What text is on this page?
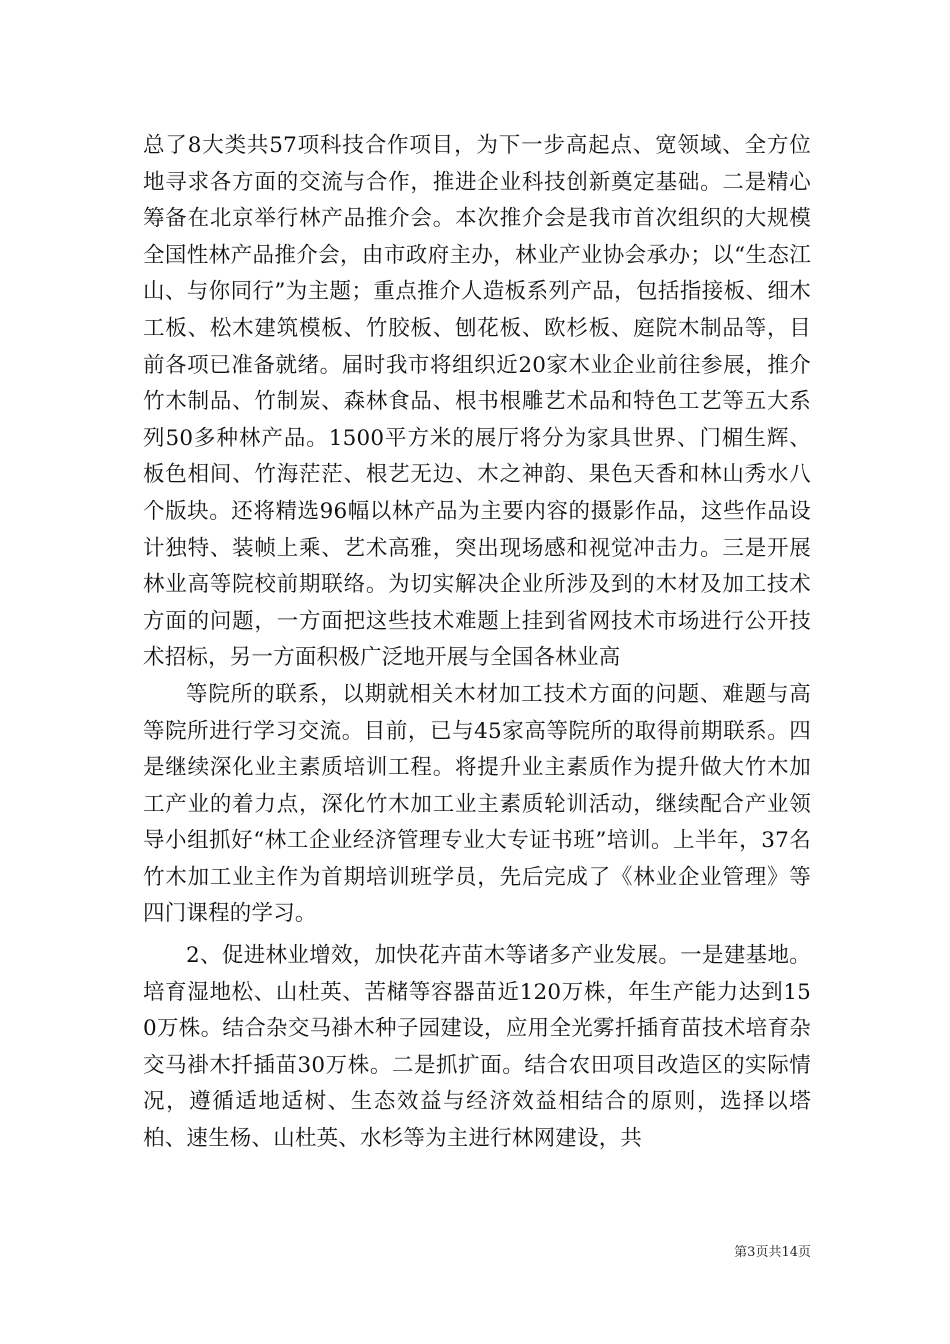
总了8大类共57项科技合作项目，为下一步高起点、宽领域、全方位地寻求各方面的交流与合作，推进企业科技创新奠定基础。二是精心筹备在北京举行林产品推介会。本次推介会是我市首次组织的大规模全国性林产品推介会，由市政府主办，林业产业协会承办；以“生态江山、与你同行”为主题；重点推介人造板系列产品，包括指接板、细木工板、松木建筑模板、竹胶板、刨花板、欧杉板、庭院木制品等，目前各项已准备就绪。届时我市将组织近20家木业企业前往参展，推介竹木制品、竹制炭、森林食品、根书根雕艺术品和特色工艺等五大系列50多种林产品。1500平方米的展厅将分为家具世界、门楣生辉、板色相间、竹海茫茫、根艺无边、木之神韵、果色天香和林山秀水八个版块。还将精选96幅以林产品为主要内容的摄影作品，这些作品设计独特、装帧上乘、艺术高雅，突出现场感和视觉冲击力。三是开展林业高等院校前期联络。为切实解决企业所涉及到的木材及加工技术方面的问题，一方面把这些技术难题上挂到省网技术市场进行公开技术招标，另一方面积极广泛地开展与全国各林业高

等院所的联系，以期就相关木材加工技术方面的问题、难题与高等院所进行学习交流。目前，已与45家高等院所的取得前期联系。四是继续深化业主素质培训工程。将提升业主素质作为提升做大竹木加工产业的着力点，深化竹木加工业主素质轮训活动，继续配合产业领导小组抓好“林工企业经济管理专业大专证书班”培训。上半年，37名竹木加工业主作为首期培训班学员，先后完成了《林业企业管理》等四门课程的学习。

2、促进林业增效，加快花卉苗木等诸多产业发展。一是建基地。培育湿地松、山杜英、苦槠等容器苗近120万株，年生产能力达到150万株。结合杂交马褂木种子园建设，应用全光雾扦插育苗技术培育杂交马褂木扦插苗30万株。二是抓扩面。结合农田项目改造区的实际情况，遵循适地适树、生态效益与经济效益相结合的原则，选择以塔柏、速生杨、山杜英、水杉等为主进行林网建设，共

第3页共14页
